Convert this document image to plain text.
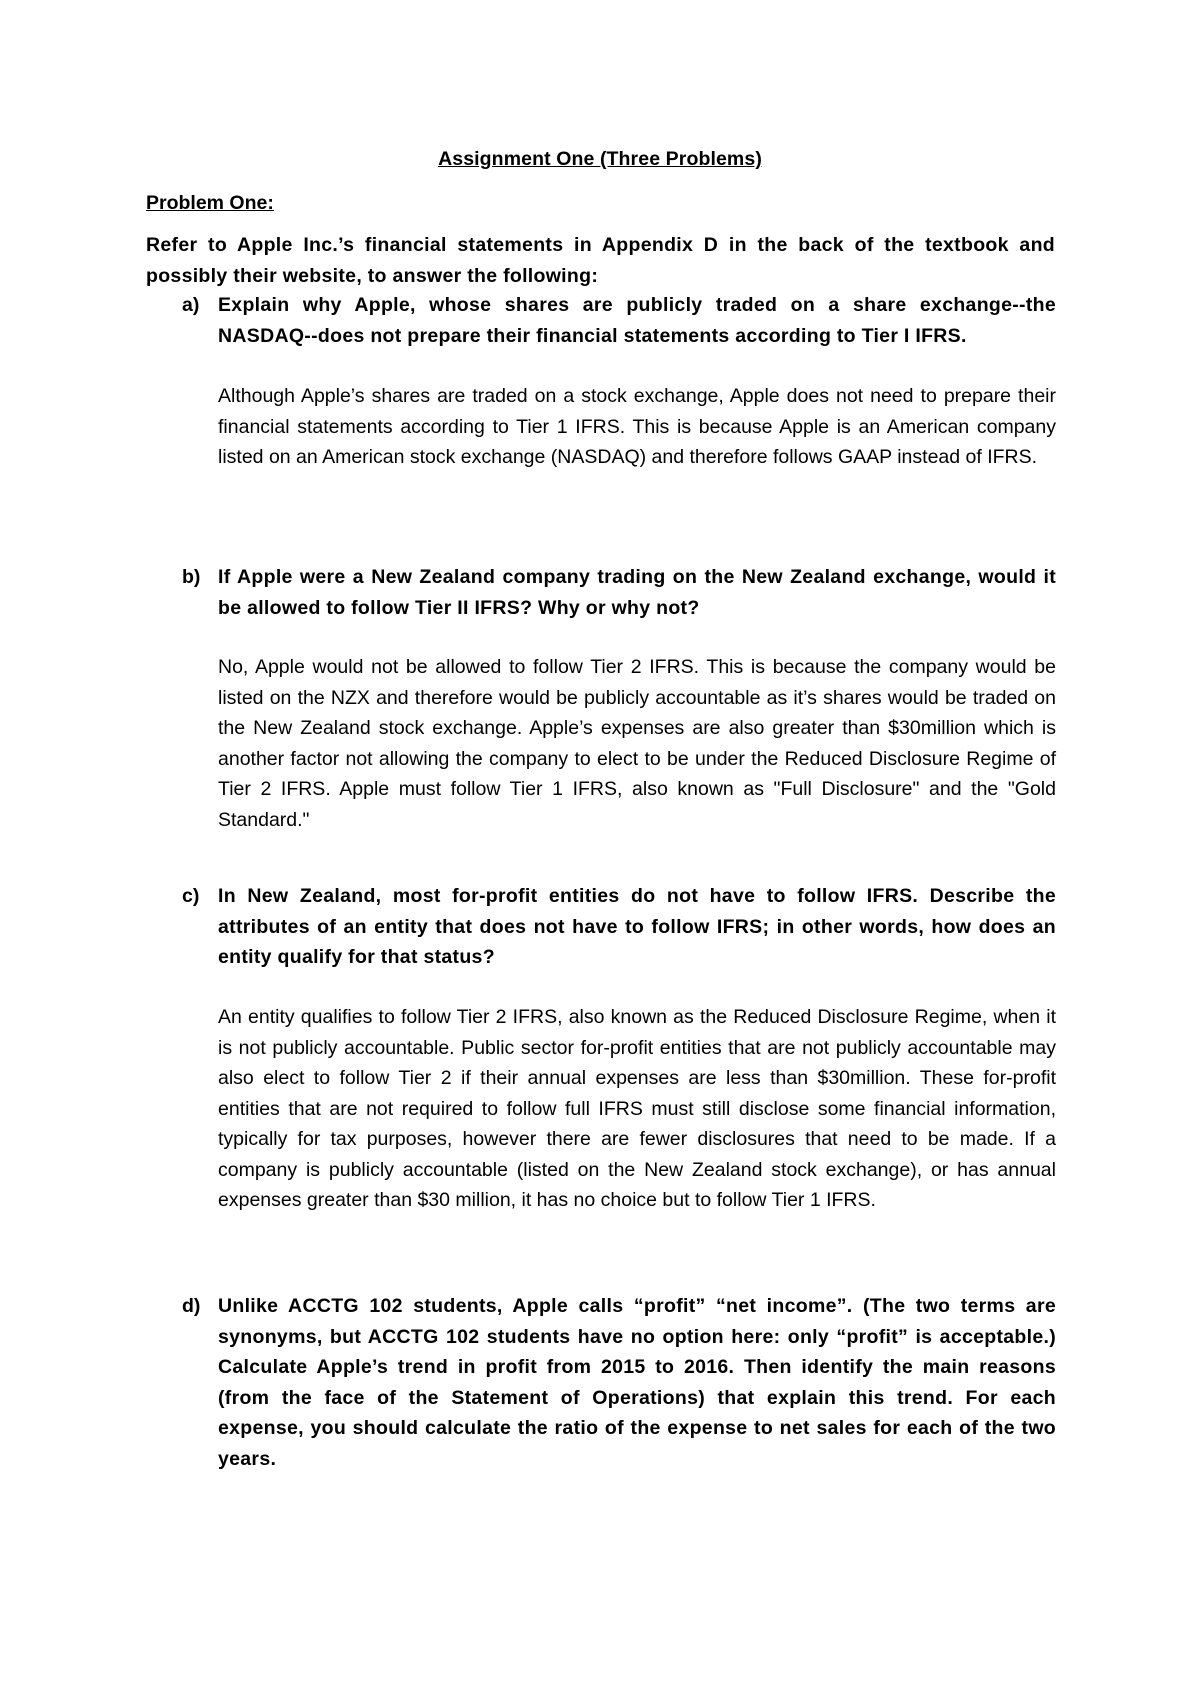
Assignment One (Three Problems)
Problem One:
Refer to Apple Inc.’s financial statements in Appendix D in the back of the textbook and possibly their website, to answer the following:
a) Explain why Apple, whose shares are publicly traded on a share exchange--the NASDAQ--does not prepare their financial statements according to Tier I IFRS.
Although Apple’s shares are traded on a stock exchange, Apple does not need to prepare their financial statements according to Tier 1 IFRS. This is because Apple is an American company listed on an American stock exchange (NASDAQ) and therefore follows GAAP instead of IFRS.
b) If Apple were a New Zealand company trading on the New Zealand exchange, would it be allowed to follow Tier II IFRS? Why or why not?
No, Apple would not be allowed to follow Tier 2 IFRS. This is because the company would be listed on the NZX and therefore would be publicly accountable as it’s shares would be traded on the New Zealand stock exchange. Apple’s expenses are also greater than $30million which is another factor not allowing the company to elect to be under the Reduced Disclosure Regime of Tier 2 IFRS. Apple must follow Tier 1 IFRS, also known as "Full Disclosure" and the "Gold Standard."
c) In New Zealand, most for-profit entities do not have to follow IFRS. Describe the attributes of an entity that does not have to follow IFRS; in other words, how does an entity qualify for that status?
An entity qualifies to follow Tier 2 IFRS, also known as the Reduced Disclosure Regime, when it is not publicly accountable. Public sector for-profit entities that are not publicly accountable may also elect to follow Tier 2 if their annual expenses are less than $30million. These for-profit entities that are not required to follow full IFRS must still disclose some financial information, typically for tax purposes, however there are fewer disclosures that need to be made. If a company is publicly accountable (listed on the New Zealand stock exchange), or has annual expenses greater than $30 million, it has no choice but to follow Tier 1 IFRS.
d) Unlike ACCTG 102 students, Apple calls “profit” “net income”. (The two terms are synonyms, but ACCTG 102 students have no option here: only “profit” is acceptable.) Calculate Apple’s trend in profit from 2015 to 2016. Then identify the main reasons (from the face of the Statement of Operations) that explain this trend. For each expense, you should calculate the ratio of the expense to net sales for each of the two years.
